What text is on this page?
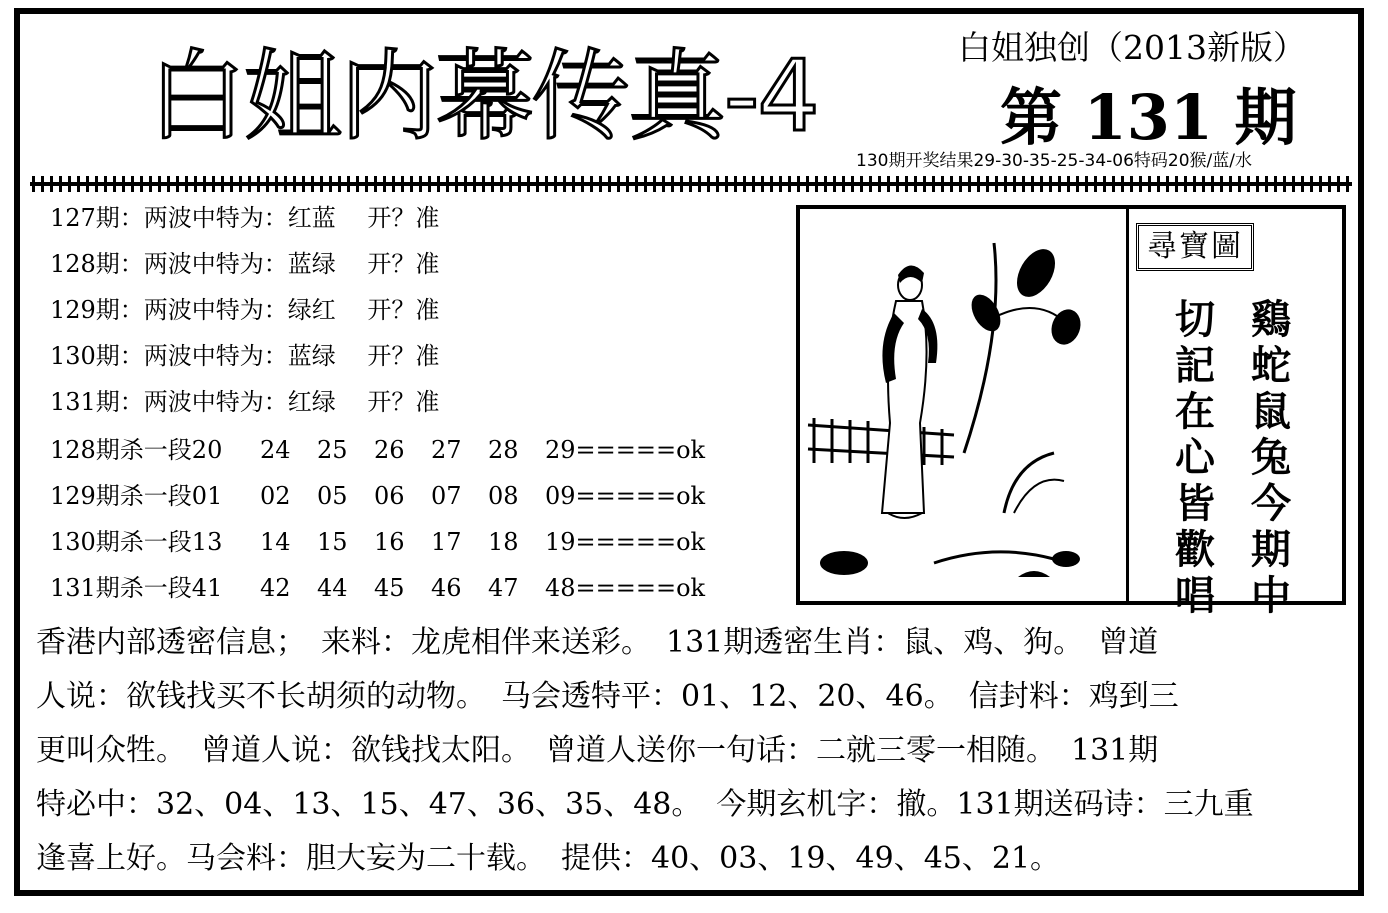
白姐内幕传真-4	白姐独创（2013新版）
第 131 期
130期开奖结果29-30-35-25-34-06特码20猴/蓝/水
127期：两波中特为：红蓝　 开？准
128期：两波中特为：蓝绿　 开？准
129期：两波中特为：绿红　 开？准
130期：两波中特为：蓝绿　 开？准
131期：两波中特为：红绿　 开？准
128期杀一段20 24 25 26 27 28 29=====ok
129期杀一段01 02 05 06 07 08 09=====ok
130期杀一段13 14 15 16 17 18 19=====ok
131期杀一段41 42 44 45 46 47 48=====ok
尋寶圖
鷄
蛇
鼠
兔
今
期
中
切
記
在
心
皆
歡
唱

香港内部透密信息；　来料：龙虎相伴来送彩。　131期透密生肖：鼠、鸡、狗。　曾道

人说：欲钱找买不长胡须的动物。　马会透特平：01、12、20、46。　信封料：鸡到三

更叫众牲。　曾道人说：欲钱找太阳。　曾道人送你一句话：二就三零一相随。　131期

特必中：32、04、13、15、47、36、35、48。　今期玄机字：撤。131期送码诗：三九重

逢喜上好。马会料：胆大妄为二十载。　提供：40、03、19、49、45、21。
